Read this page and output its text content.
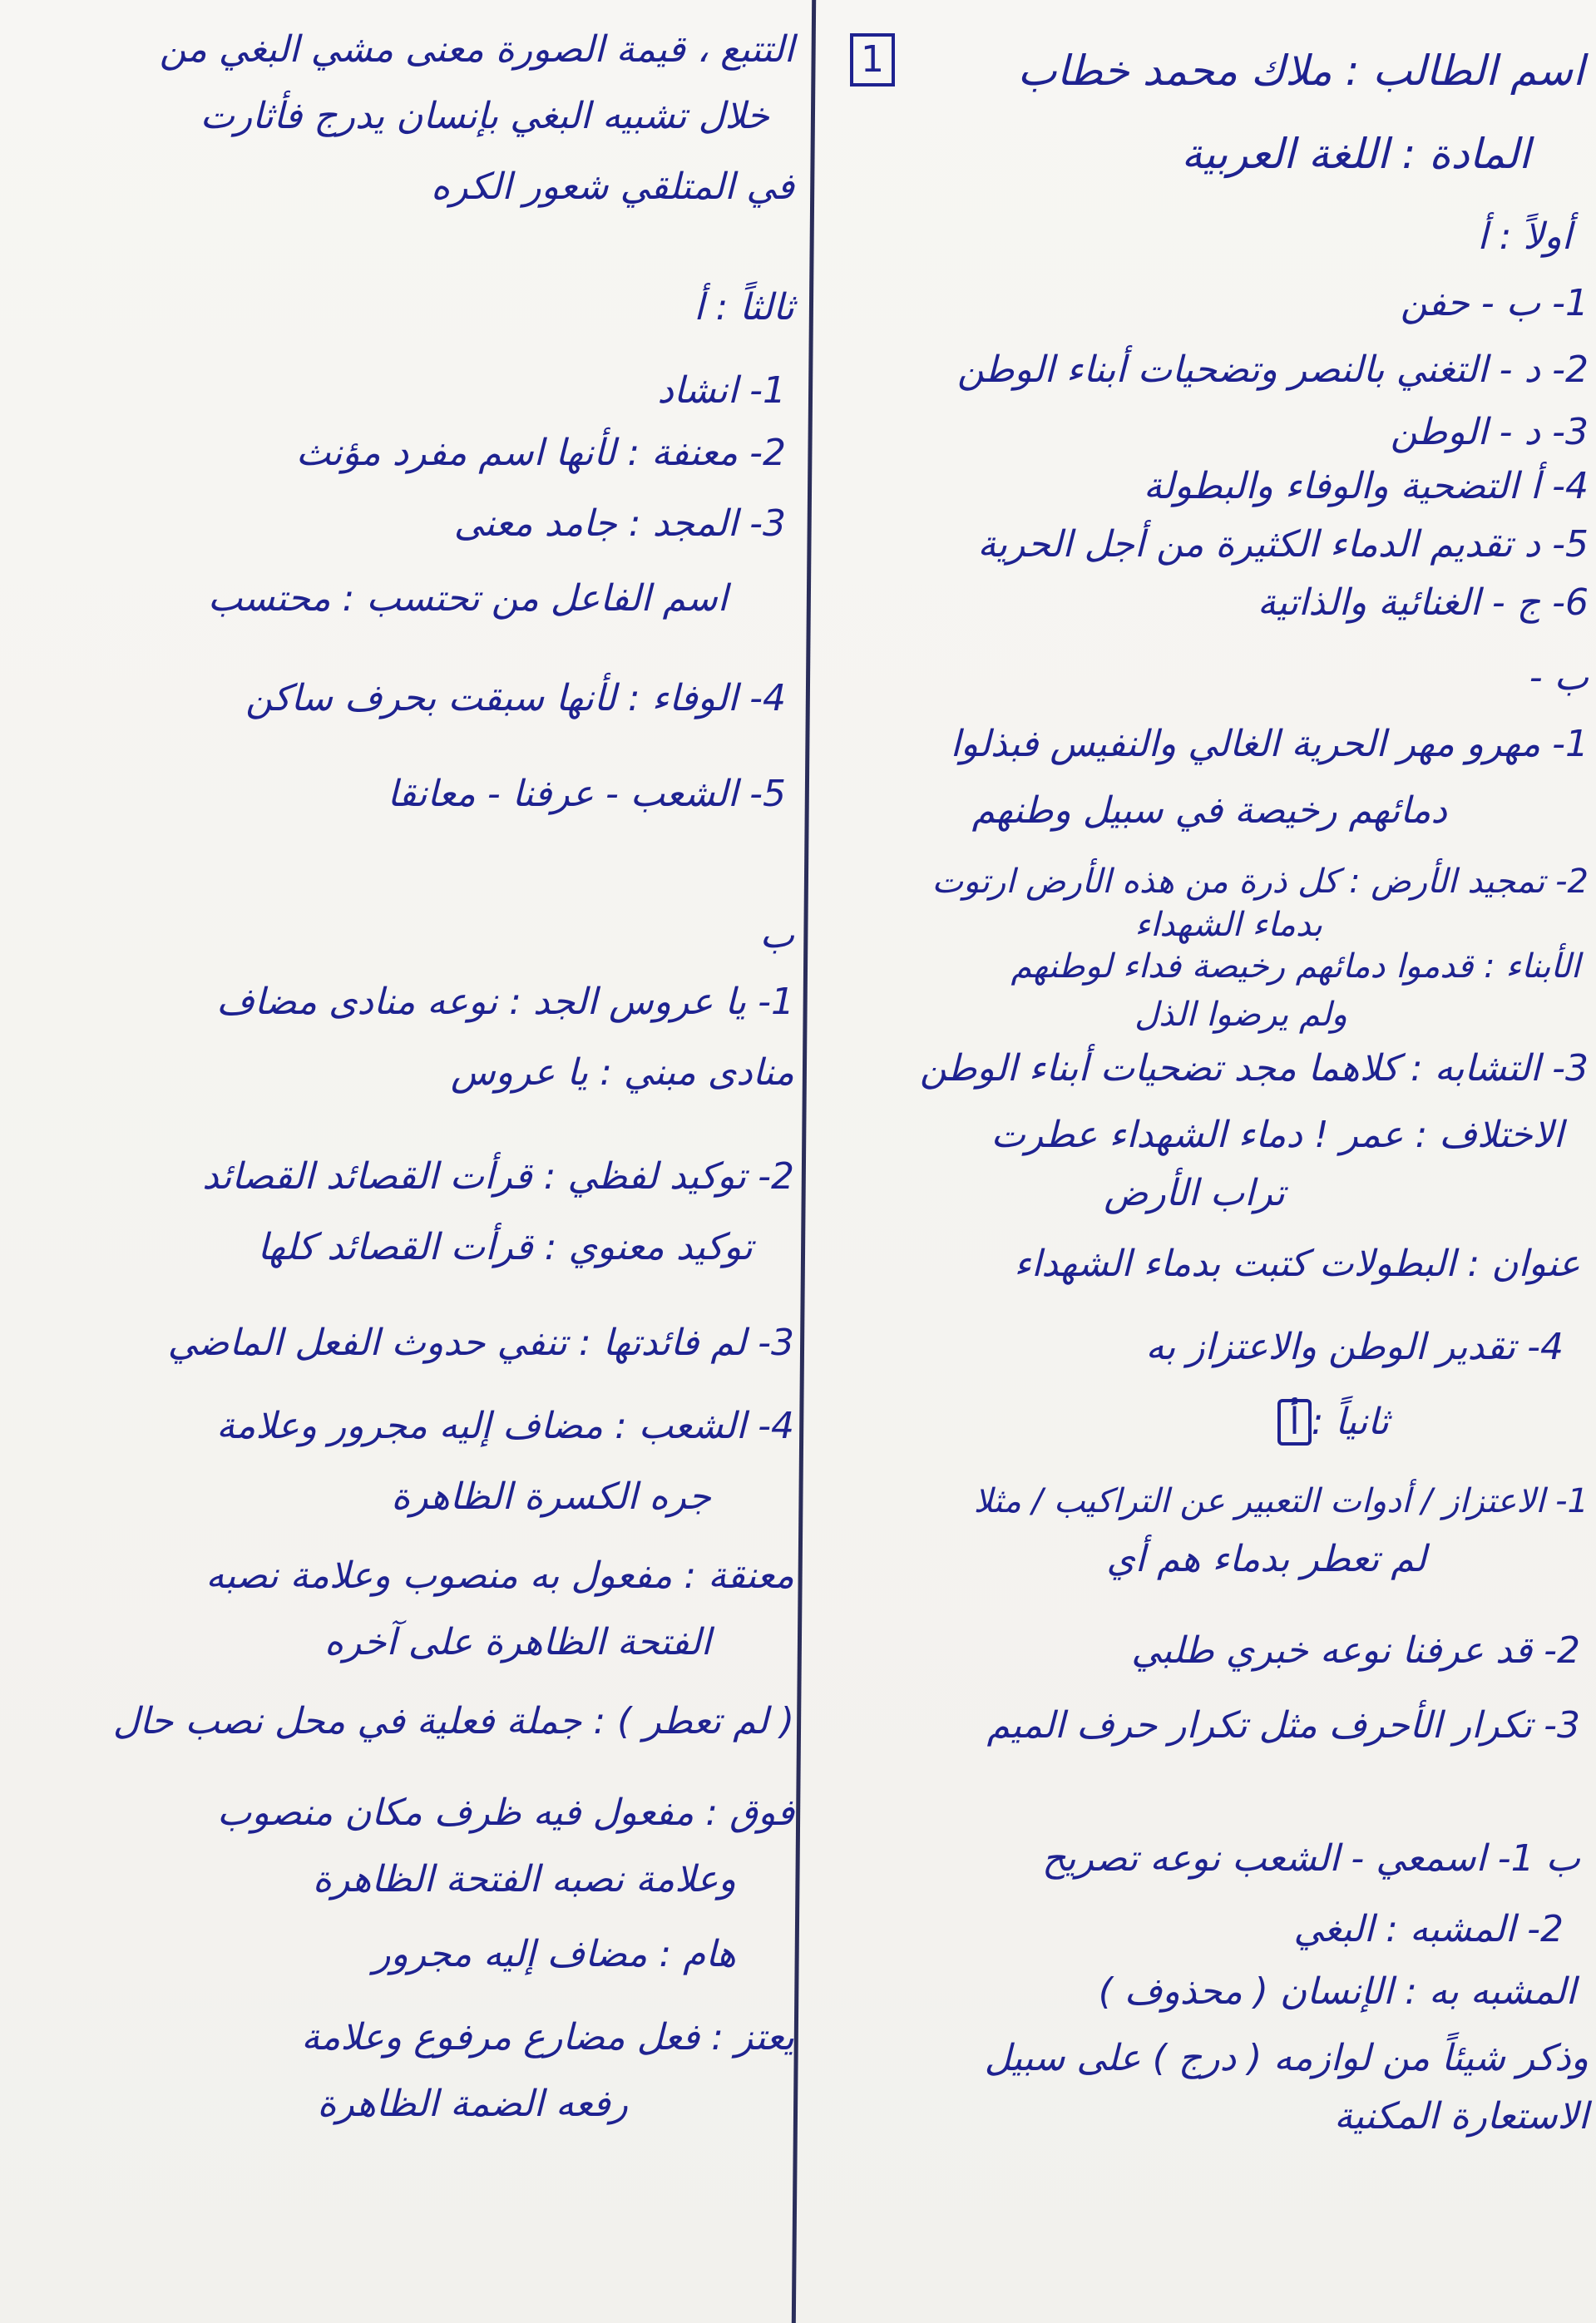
1	اسم الطالب : ملاك محمد خطاب
المادة : اللغة العربية
أولاً : أ
1- ب - حفن
2- د - التغني بالنصر وتضحيات أبناء الوطن
3- د - الوطن
4- أ التضحية والوفاء والبطولة
5- د تقديم الدماء الكثيرة من أجل الحرية
6- ج - الغنائية والذاتية
ب -
1- مهرو مهر الحرية الغالي والنفيس فبذلوا
دمائهم رخيصة في سبيل وطنهم
2- تمجيد الأرض : كل ذرة من هذه الأرض ارتوت
بدماء الشهداء
الأبناء : قدموا دمائهم رخيصة فداء لوطنهم
ولم يرضوا الذل
3- التشابه : كلاهما مجد تضحيات أبناء الوطن
الاختلاف : عمر ! دماء الشهداء عطرت
تراب الأرض
عنوان : البطولات كتبت بدماء الشهداء
4- تقدير الوطن والاعتزاز به
ثانياً :أ
1- الاعتزاز / أدوات التعبير عن التراكيب / مثلا
لم تعطر بدماء هم أي
2- قد عرفنا نوعه خبري طلبي
3- تكرار الأحرف مثل تكرار حرف الميم
ب 1- اسمعي - الشعب نوعه تصريح
2- المشبه : البغي
المشبه به : الإنسان ( محذوف )
وذكر شيئاً من لوازمه ( درج ) على سبيل
الاستعارة المكنية
التتبع ، قيمة الصورة معنى مشي البغي من
خلال تشبيه البغي بإنسان يدرج فأثارت
في المتلقي شعور الكره
ثالثاً : أ
1- انشاد
2- معنفة : لأنها اسم مفرد مؤنث
3- المجد : جامد معنى
اسم الفاعل من تحتسب : محتسب
4- الوفاء : لأنها سبقت بحرف ساكن
5- الشعب - عرفنا - معانقا
ب
1- يا عروس الجد : نوعه منادى مضاف
منادى مبني : يا عروس
2- توكيد لفظي : قرأت القصائد القصائد
توكيد معنوي : قرأت القصائد كلها
3- لم فائدتها : تنفي حدوث الفعل الماضي
4- الشعب : مضاف إليه مجرور وعلامة
جره الكسرة الظاهرة
معنقة : مفعول به منصوب وعلامة نصبه
الفتحة الظاهرة على آخره
( لم تعطر ) : جملة فعلية في محل نصب حال
فوق : مفعول فيه ظرف مكان منصوب
وعلامة نصبه الفتحة الظاهرة
هام : مضاف إليه مجرور
يعتز : فعل مضارع مرفوع وعلامة
رفعه الضمة الظاهرة
